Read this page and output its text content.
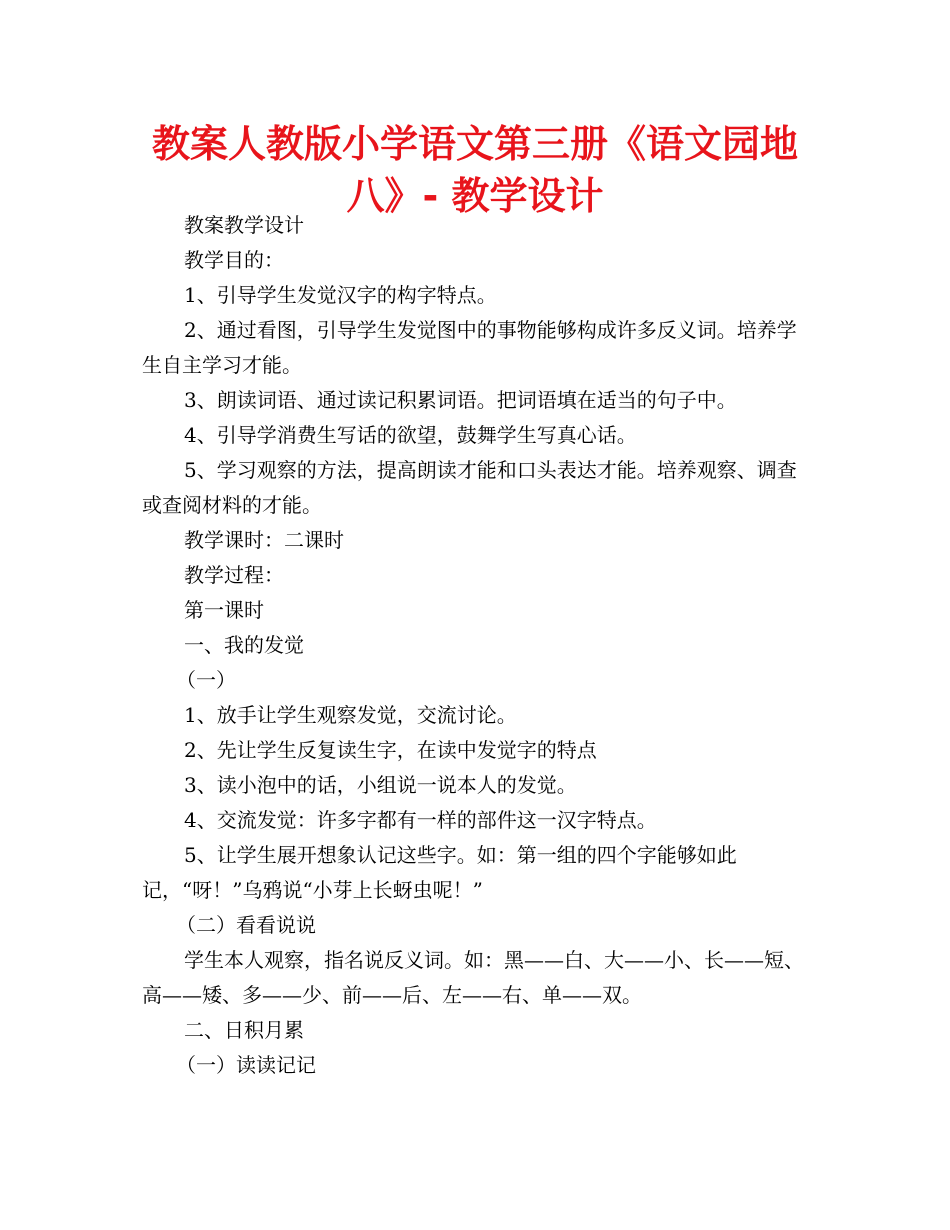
教案人教版小学语文第三册《语文园地
八》- 教学设计

教案教学设计

教学目的：

1、引导学生发觉汉字的构字特点。

2、通过看图，引导学生发觉图中的事物能够构成许多反义词。培养学生自主学习才能。

3、朗读词语、通过读记积累词语。把词语填在适当的句子中。

4、引导学消费生写话的欲望，鼓舞学生写真心话。

5、学习观察的方法，提高朗读才能和口头表达才能。培养观察、调查或查阅材料的才能。

教学课时：二课时

教学过程：

第一课时

一、我的发觉

（一）

1、放手让学生观察发觉，交流讨论。

2、先让学生反复读生字，在读中发觉字的特点

3、读小泡中的话，小组说一说本人的发觉。

4、交流发觉：许多字都有一样的部件这一汉字特点。

5、让学生展开想象认记这些字。如：第一组的四个字能够如此记，“呀！”乌鸦说“小芽上长蚜虫呢！”

（二）看看说说

学生本人观察，指名说反义词。如：黑——白、大——小、长——短、高——矮、多——少、前——后、左——右、单——双。

二、日积月累

（一）读读记记
